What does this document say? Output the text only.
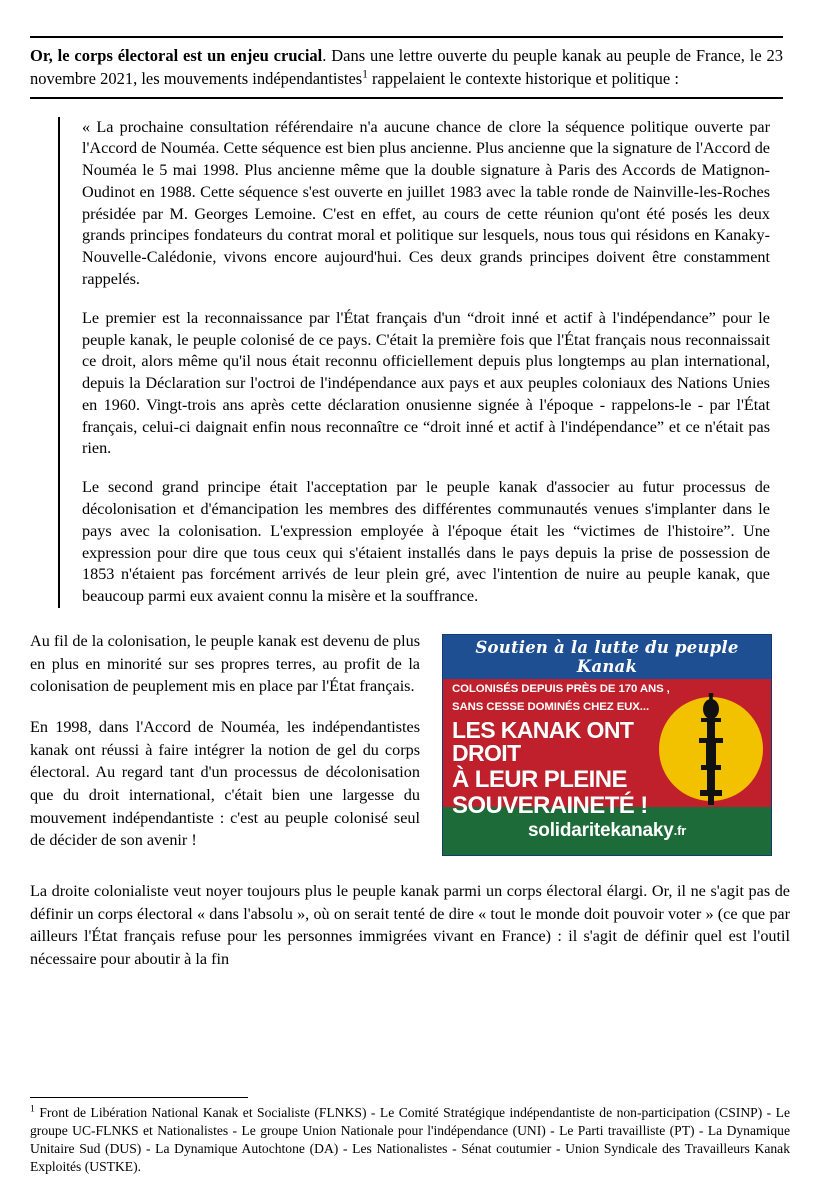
Or, le corps électoral est un enjeu crucial. Dans une lettre ouverte du peuple kanak au peuple de France, le 23 novembre 2021, les mouvements indépendantistes$^1$ rappelaient le contexte historique et politique :

« La prochaine consultation référendaire n'a aucune chance de clore la séquence politique ouverte par l'Accord de Nouméa. Cette séquence est bien plus ancienne. Plus ancienne que la signature de l'Accord de Nouméa le 5 mai 1998. Plus ancienne même que la double signature à Paris des Accords de Matignon-Oudinot en 1988. Cette séquence s'est ouverte en juillet 1983 avec la table ronde de Nainville-les-Roches présidée par M. Georges Lemoine. C'est en effet, au cours de cette réunion qu'ont été posés les deux grands principes fondateurs du contrat moral et politique sur lesquels, nous tous qui résidons en Kanaky-Nouvelle-Calédonie, vivons encore aujourd'hui. Ces deux grands principes doivent être constamment rappelés.

Le premier est la reconnaissance par l'État français d'un “droit inné et actif à l'indépendance” pour le peuple kanak, le peuple colonisé de ce pays. C'était la première fois que l'État français nous reconnaissait ce droit, alors même qu'il nous était reconnu officiellement depuis plus longtemps au plan international, depuis la Déclaration sur l'octroi de l'indépendance aux pays et aux peuples coloniaux des Nations Unies en 1960. Vingt-trois ans après cette déclaration onusienne signée à l'époque - rappelons-le - par l'État français, celui-ci daignait enfin nous reconnaître ce “droit inné et actif à l'indépendance” et ce n'était pas rien.

Le second grand principe était l'acceptation par le peuple kanak d'associer au futur processus de décolonisation et d'émancipation les membres des différentes communautés venues s'implanter dans le pays avec la colonisation. L'expression employée à l'époque était les “victimes de l'histoire”. Une expression pour dire que tous ceux qui s'étaient installés dans le pays depuis la prise de possession de 1853 n'étaient pas forcément arrivés de leur plein gré, avec l'intention de nuire au peuple kanak, que beaucoup parmi eux avaient connu la misère et la souffrance.

Au fil de la colonisation, le peuple kanak est devenu de plus en plus en minorité sur ses propres terres, au profit de la colonisation de peuplement mis en place par l'État français.

En 1998, dans l'Accord de Nouméa, les indépendantistes kanak ont réussi à faire intégrer la notion de gel du corps électoral. Au regard tant d'un processus de décolonisation que du droit international, c'était bien une largesse du mouvement indépendantiste : c'est au peuple colonisé seul de décider de son avenir !

Soutien à la lutte du peuple Kanak
COLONISÉS DEPUIS PRÈS DE 170 ANS ,
SANS CESSE DOMINÉS CHEZ EUX...
LES KANAK ONT DROIT
À LEUR PLEINE
SOUVERAINETÉ !
solidaritekanaky .fr

La droite colonialiste veut noyer toujours plus le peuple kanak parmi un corps électoral élargi. Or, il ne s'agit pas de définir un corps électoral « dans l'absolu », où on serait tenté de dire « tout le monde doit pouvoir voter » (ce que par ailleurs l'État français refuse pour les personnes immigrées vivant en France) : il s'agit de définir quel est l'outil nécessaire pour aboutir à la fin

$^1$ Front de Libération National Kanak et Socialiste (FLNKS) - Le Comité Stratégique indépendantiste de non-participation (CSINP) - Le groupe UC-FLNKS et Nationalistes - Le groupe Union Nationale pour l'indépendance (UNI) - Le Parti travailliste (PT) - La Dynamique Unitaire Sud (DUS) - La Dynamique Autochtone (DA) - Les Nationalistes - Sénat coutumier - Union Syndicale des Travailleurs Kanak Exploités (USTKE).
